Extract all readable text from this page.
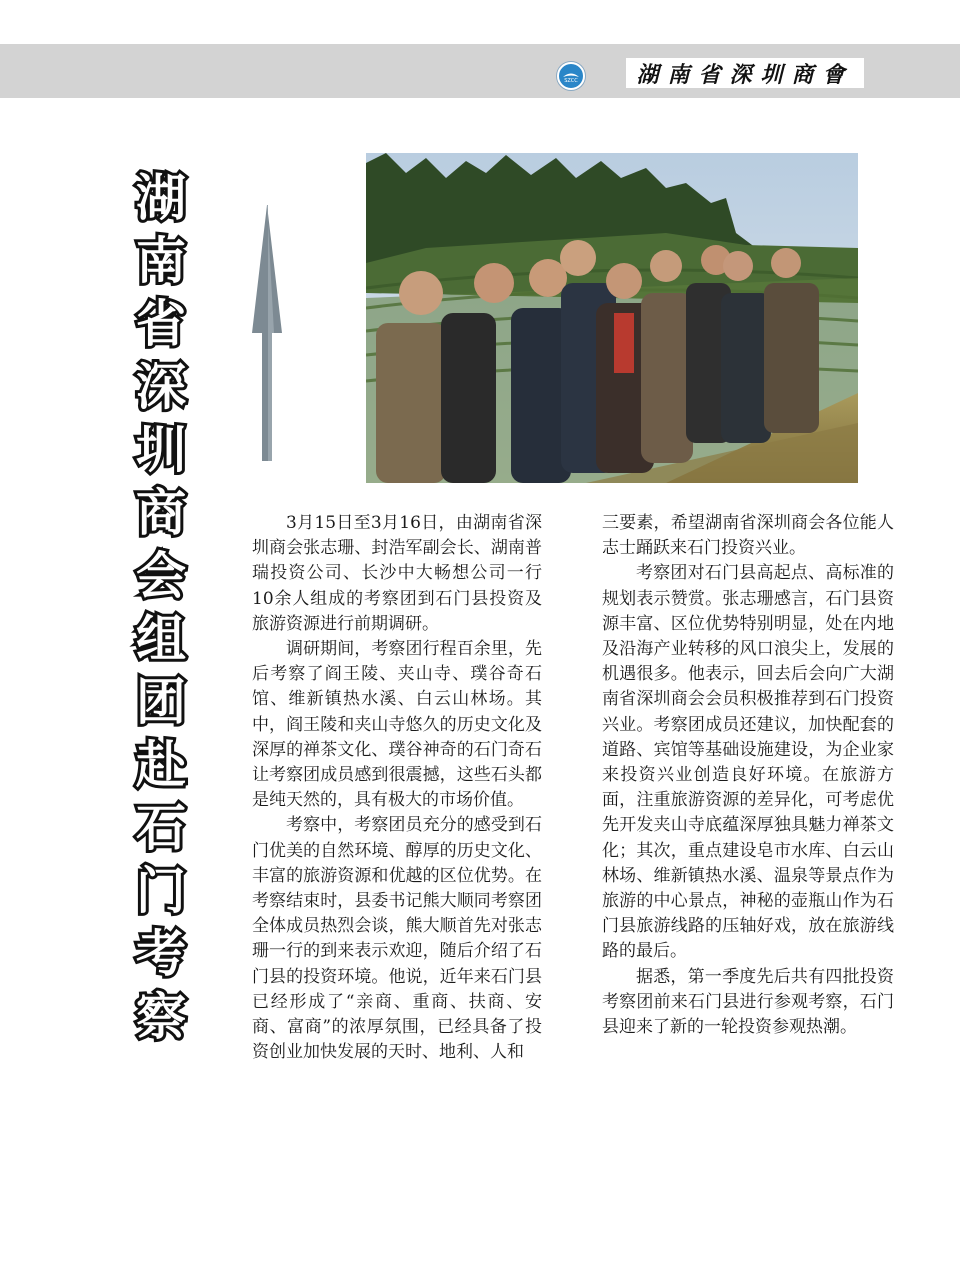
SZCC	湖南省深圳商會
湖南省深圳商会组团赴石门考察	3月15日至3月16日，由湖南省深圳商会张志珊、封浩军副会长、湖南普瑞投资公司、长沙中大畅想公司一行10余人组成的考察团到石门县投资及旅游资源进行前期调研。

调研期间，考察团行程百余里，先后考察了阎王陵、夹山寺、璞谷奇石馆、维新镇热水溪、白云山林场。其中，阎王陵和夹山寺悠久的历史文化及深厚的禅茶文化、璞谷神奇的石门奇石让考察团成员感到很震撼，这些石头都是纯天然的，具有极大的市场价值。

考察中，考察团员充分的感受到石门优美的自然环境、醇厚的历史文化、丰富的旅游资源和优越的区位优势。在考察结束时，县委书记熊大顺同考察团全体成员热烈会谈，熊大顺首先对张志珊一行的到来表示欢迎，随后介绍了石门县的投资环境。他说，近年来石门县已经形成了“亲商、重商、扶商、安商、富商”的浓厚氛围，已经具备了投资创业加快发展的天时、地利、人和

三要素，希望湖南省深圳商会各位能人志士踊跃来石门投资兴业。

考察团对石门县高起点、高标准的规划表示赞赏。张志珊感言，石门县资源丰富、区位优势特别明显，处在内地及沿海产业转移的风口浪尖上，发展的机遇很多。他表示，回去后会向广大湖南省深圳商会会员积极推荐到石门投资兴业。考察团成员还建议，加快配套的道路、宾馆等基础设施建设，为企业家来投资兴业创造良好环境。在旅游方面，注重旅游资源的差异化，可考虑优先开发夹山寺底蕴深厚独具魅力禅茶文化；其次，重点建设皂市水库、白云山林场、维新镇热水溪、温泉等景点作为旅游的中心景点，神秘的壶瓶山作为石门县旅游线路的压轴好戏，放在旅游线路的最后。

据悉，第一季度先后共有四批投资考察团前来石门县进行参观考察，石门县迎来了新的一轮投资参观热潮。
